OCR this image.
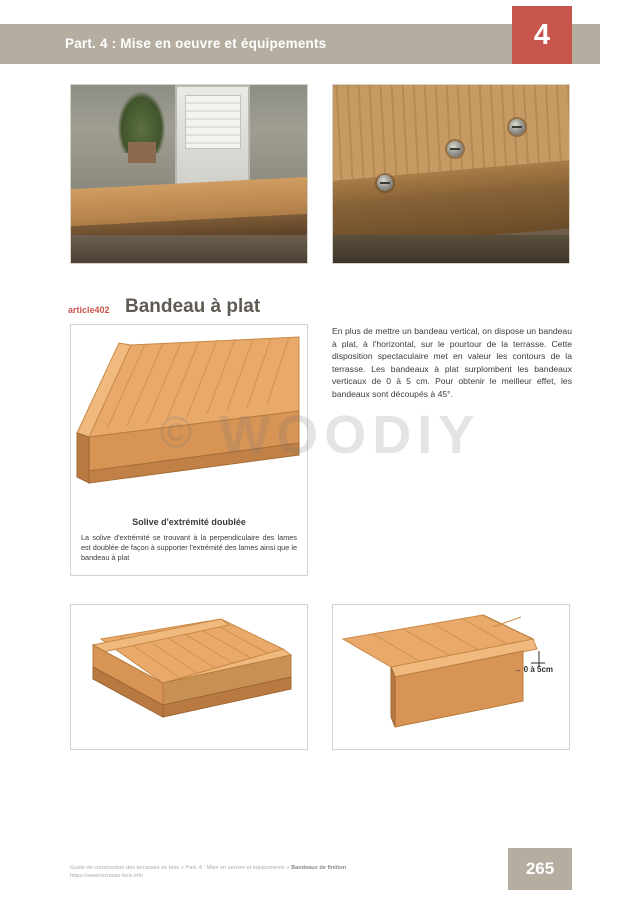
Part. 4 : Mise en oeuvre et équipements	4
article402 Bandeau à plat
En plus de mettre un bandeau vertical, on dispose un bandeau à plat, à l'horizontal, sur le pourtour de la terrasse. Cette disposition spectaculaire met en valeur les contours de la terrasse. Les bandeaux à plat surplombent les bandeaux verticaux de 0 à 5 cm. Pour obtenir le meilleur effet, les bandeaux sont découpés à 45°.
Solive d'extrémité doublée
La solive d'extrémité se trouvant à la perpendiculaire des lames est doublée de façon à supporter l'extrémité des lames ainsi que le bandeau à plat
→ 0 à 5cm
© WOODIY
Guide de construction des terrasses en bois > Part. 4 : Mise en oeuvre et équipements > Bandeaux de finition
https://www.terrasse-bois.info	265
